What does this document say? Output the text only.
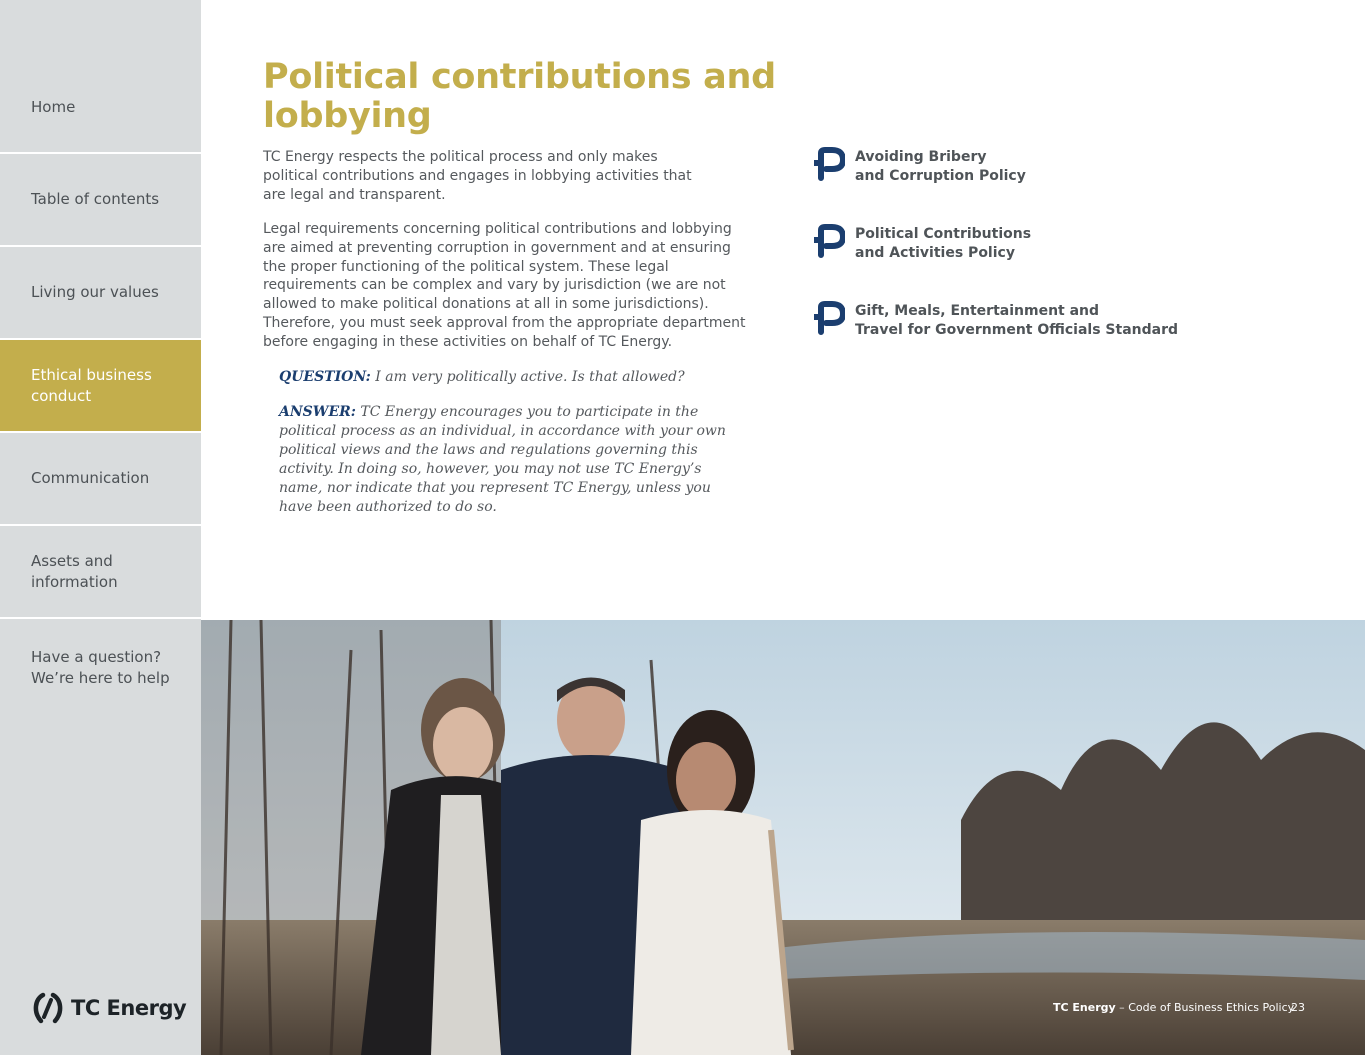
Home
Table of contents
Living our values
Ethical business
conduct
Communication
Assets and
information
Have a question?
We’re here to help
TC Energy
Political contributions and lobbying

TC Energy respects the political process and only makes political contributions and engages in lobbying activities that are legal and transparent.

Legal requirements concerning political contributions and lobbying are aimed at preventing corruption in government and at ensuring the proper functioning of the political system. These legal requirements can be complex and vary by jurisdiction (we are not allowed to make political donations at all in some jurisdictions). Therefore, you must seek approval from the appropriate department before engaging in these activities on behalf of TC Energy.

QUESTION: I am very politically active. Is that allowed?

ANSWER: TC Energy encourages you to participate in the political process as an individual, in accordance with your own political views and the laws and regulations governing this activity. In doing so, however, you may not use TC Energy’s name, nor indicate that you represent TC Energy, unless you have been authorized to do so.

Avoiding Bribery
and Corruption Policy
Political Contributions
and Activities Policy
Gift, Meals, Entertainment and
Travel for Government Officials Standard
TC Energy – Code of Business Ethics Policy
23
